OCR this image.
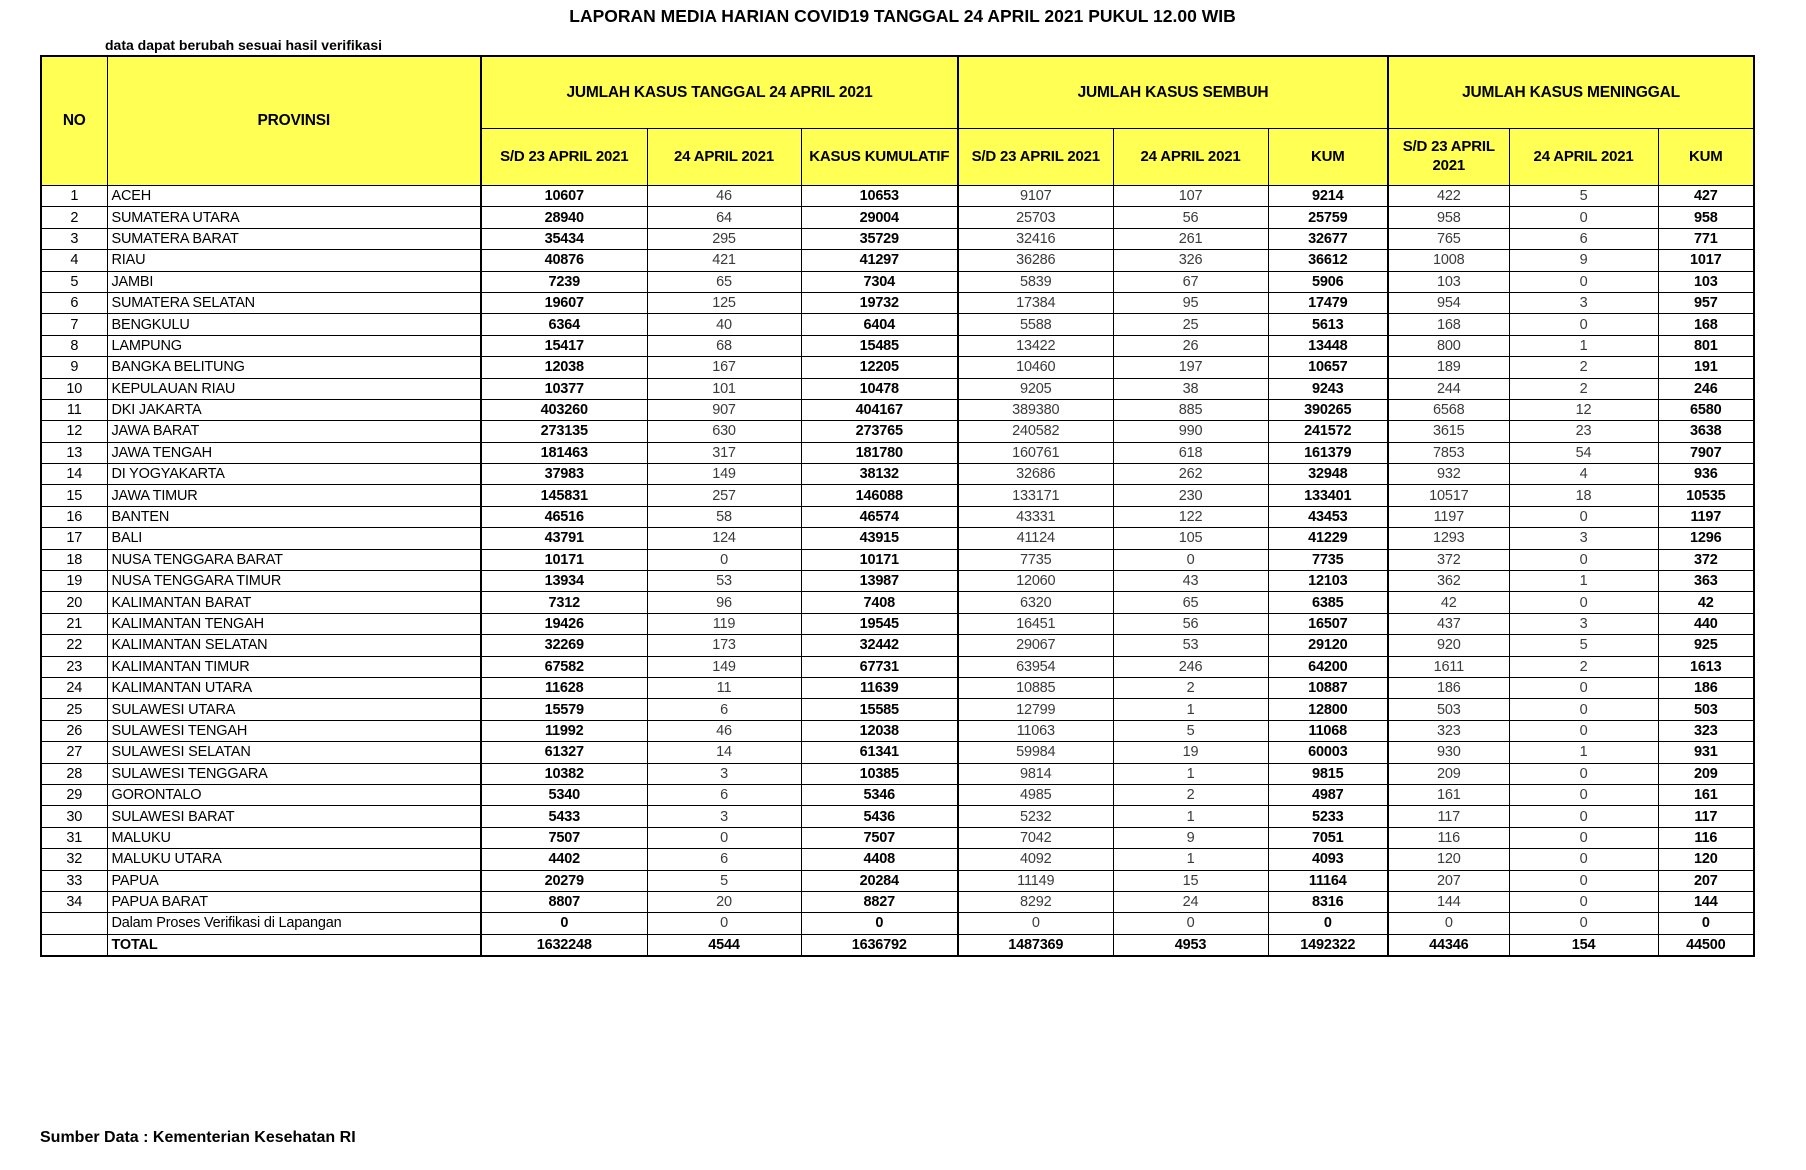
LAPORAN MEDIA HARIAN COVID19 TANGGAL 24 APRIL 2021 PUKUL 12.00 WIB
data dapat berubah sesuai hasil verifikasi
NO	PROVINSI	JUMLAH KASUS TANGGAL 24 APRIL 2021			JUMLAH KASUS SEMBUH			JUMLAH KASUS MENINGGAL		
		S/D 23 APRIL 2021	24 APRIL 2021	KASUS KUMULATIF	S/D 23 APRIL 2021	24 APRIL 2021	KUM	S/D 23 APRIL 2021	24 APRIL 2021	KUM
1	ACEH	10607	46	10653	9107	107	9214	422	5	427
2	SUMATERA UTARA	28940	64	29004	25703	56	25759	958	0	958
3	SUMATERA BARAT	35434	295	35729	32416	261	32677	765	6	771
4	RIAU	40876	421	41297	36286	326	36612	1008	9	1017
5	JAMBI	7239	65	7304	5839	67	5906	103	0	103
6	SUMATERA SELATAN	19607	125	19732	17384	95	17479	954	3	957
7	BENGKULU	6364	40	6404	5588	25	5613	168	0	168
8	LAMPUNG	15417	68	15485	13422	26	13448	800	1	801
9	BANGKA BELITUNG	12038	167	12205	10460	197	10657	189	2	191
10	KEPULAUAN RIAU	10377	101	10478	9205	38	9243	244	2	246
11	DKI JAKARTA	403260	907	404167	389380	885	390265	6568	12	6580
12	JAWA BARAT	273135	630	273765	240582	990	241572	3615	23	3638
13	JAWA TENGAH	181463	317	181780	160761	618	161379	7853	54	7907
14	DI YOGYAKARTA	37983	149	38132	32686	262	32948	932	4	936
15	JAWA TIMUR	145831	257	146088	133171	230	133401	10517	18	10535
16	BANTEN	46516	58	46574	43331	122	43453	1197	0	1197
17	BALI	43791	124	43915	41124	105	41229	1293	3	1296
18	NUSA TENGGARA BARAT	10171	0	10171	7735	0	7735	372	0	372
19	NUSA TENGGARA TIMUR	13934	53	13987	12060	43	12103	362	1	363
20	KALIMANTAN BARAT	7312	96	7408	6320	65	6385	42	0	42
21	KALIMANTAN TENGAH	19426	119	19545	16451	56	16507	437	3	440
22	KALIMANTAN SELATAN	32269	173	32442	29067	53	29120	920	5	925
23	KALIMANTAN TIMUR	67582	149	67731	63954	246	64200	1611	2	1613
24	KALIMANTAN UTARA	11628	11	11639	10885	2	10887	186	0	186
25	SULAWESI UTARA	15579	6	15585	12799	1	12800	503	0	503
26	SULAWESI TENGAH	11992	46	12038	11063	5	11068	323	0	323
27	SULAWESI SELATAN	61327	14	61341	59984	19	60003	930	1	931
28	SULAWESI TENGGARA	10382	3	10385	9814	1	9815	209	0	209
29	GORONTALO	5340	6	5346	4985	2	4987	161	0	161
30	SULAWESI BARAT	5433	3	5436	5232	1	5233	117	0	117
31	MALUKU	7507	0	7507	7042	9	7051	116	0	116
32	MALUKU UTARA	4402	6	4408	4092	1	4093	120	0	120
33	PAPUA	20279	5	20284	11149	15	11164	207	0	207
34	PAPUA BARAT	8807	20	8827	8292	24	8316	144	0	144
	Dalam Proses Verifikasi di Lapangan	0	0	0	0	0	0	0	0	0
	TOTAL	1632248	4544	1636792	1487369	4953	1492322	44346	154	44500
Sumber Data : Kementerian Kesehatan RI
